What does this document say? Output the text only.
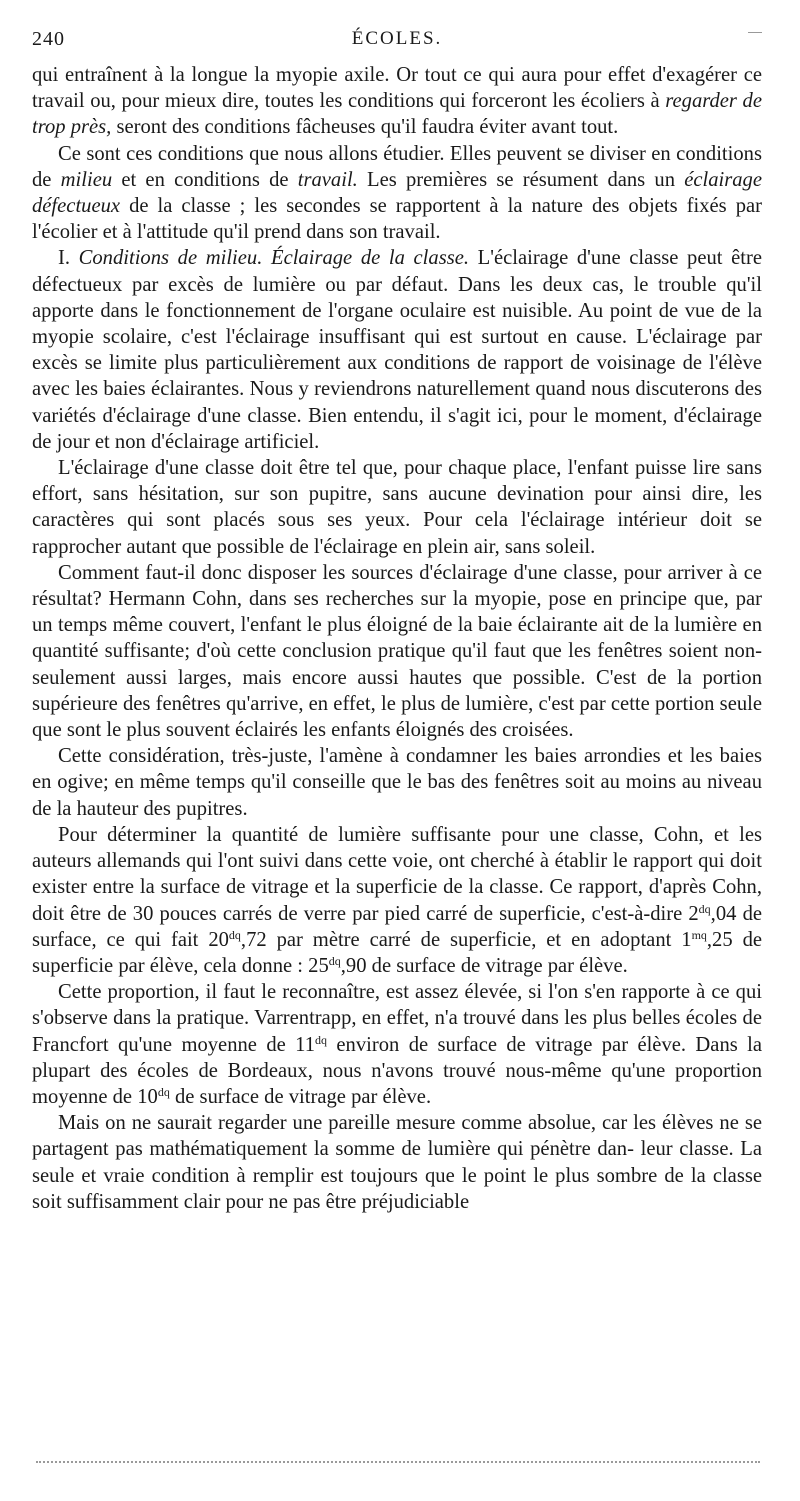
240	ÉCOLES.

qui entraînent à la longue la myopie axile. Or tout ce qui aura pour effet d'exagérer ce travail ou, pour mieux dire, toutes les conditions qui forceront les écoliers à regarder de trop près, seront des conditions fâcheuses qu'il faudra éviter avant tout.

Ce sont ces conditions que nous allons étudier. Elles peuvent se diviser en conditions de milieu et en conditions de travail. Les premières se résument dans un éclairage défectueux de la classe ; les secondes se rapportent à la nature des objets fixés par l'écolier et à l'attitude qu'il prend dans son travail.

I. Conditions de milieu. Éclairage de la classe. L'éclairage d'une classe peut être défectueux par excès de lumière ou par défaut. Dans les deux cas, le trouble qu'il apporte dans le fonctionnement de l'organe oculaire est nuisible. Au point de vue de la myopie scolaire, c'est l'éclairage insuffisant qui est surtout en cause. L'éclairage par excès se limite plus particulièrement aux conditions de rapport de voisinage de l'élève avec les baies éclairantes. Nous y reviendrons naturellement quand nous discuterons des variétés d'éclairage d'une classe. Bien entendu, il s'agit ici, pour le moment, d'éclairage de jour et non d'éclairage artificiel.

L'éclairage d'une classe doit être tel que, pour chaque place, l'enfant puisse lire sans effort, sans hésitation, sur son pupitre, sans aucune devination pour ainsi dire, les caractères qui sont placés sous ses yeux. Pour cela l'éclairage intérieur doit se rapprocher autant que possible de l'éclairage en plein air, sans soleil.

Comment faut-il donc disposer les sources d'éclairage d'une classe, pour arriver à ce résultat? Hermann Cohn, dans ses recherches sur la myopie, pose en principe que, par un temps même couvert, l'enfant le plus éloigné de la baie éclairante ait de la lumière en quantité suffisante; d'où cette conclusion pratique qu'il faut que les fenêtres soient non-seulement aussi larges, mais encore aussi hautes que possible. C'est de la portion supérieure des fenêtres qu'arrive, en effet, le plus de lumière, c'est par cette portion seule que sont le plus souvent éclairés les enfants éloignés des croisées.

Cette considération, très-juste, l'amène à condamner les baies arrondies et les baies en ogive; en même temps qu'il conseille que le bas des fenêtres soit au moins au niveau de la hauteur des pupitres.

Pour déterminer la quantité de lumière suffisante pour une classe, Cohn, et les auteurs allemands qui l'ont suivi dans cette voie, ont cherché à établir le rapport qui doit exister entre la surface de vitrage et la superficie de la classe. Ce rapport, d'après Cohn, doit être de 30 pouces carrés de verre par pied carré de superficie, c'est-à-dire $2^{dq},04$ de surface, ce qui fait $20^{dq},72$ par mètre carré de superficie, et en adoptant $1^{mq},25$ de superficie par élève, cela donne : $25^{dq},90$ de surface de vitrage par élève.

Cette proportion, il faut le reconnaître, est assez élevée, si l'on s'en rapporte à ce qui s'observe dans la pratique. Varrentrapp, en effet, n'a trouvé dans les plus belles écoles de Francfort qu'une moyenne de $11^{dq}$ environ de surface de vitrage par élève. Dans la plupart des écoles de Bordeaux, nous n'avons trouvé nous-même qu'une proportion moyenne de $10^{dq}$ de surface de vitrage par élève.

Mais on ne saurait regarder une pareille mesure comme absolue, car les élèves ne se partagent pas mathématiquement la somme de lumière qui pénètre dan- leur classe. La seule et vraie condition à remplir est toujours que le point le plus sombre de la classe soit suffisamment clair pour ne pas être préjudiciable
